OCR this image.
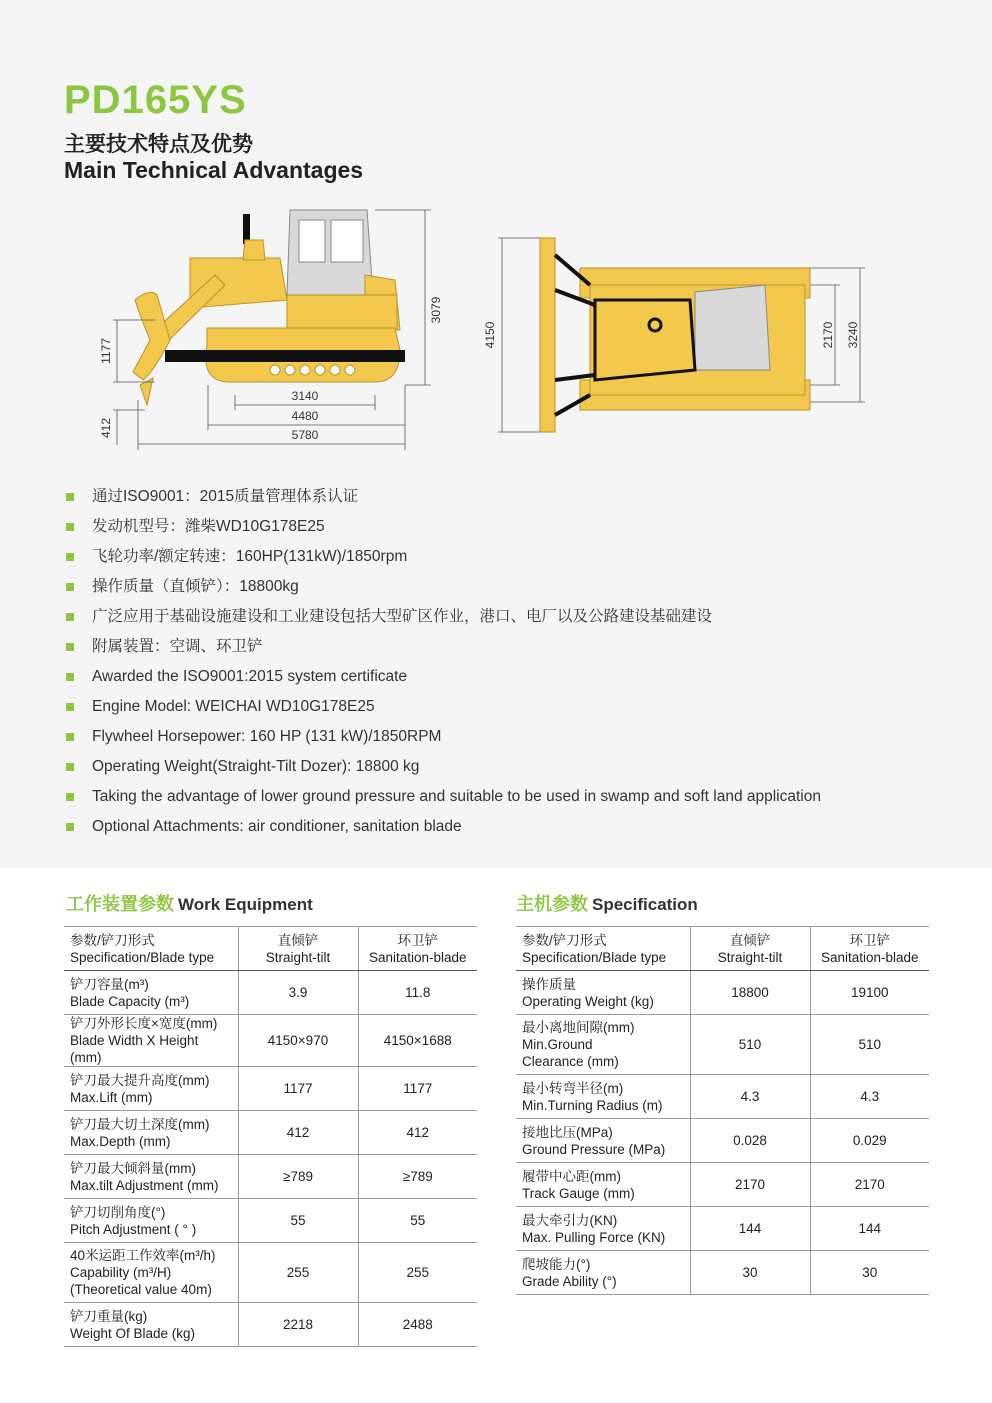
PD165YS
主要技术特点及优势
Main Technical Advantages
3079
1177
412
3140
4480
5780
4150	2170 3240
通过ISO9001：2015质量管理体系认证
发动机型号：潍柴WD10G178E25
飞轮功率/额定转速：160HP(131kW)/1850rpm
操作质量（直倾铲）：18800kg
广泛应用于基础设施建设和工业建设包括大型矿区作业，港口、电厂以及公路建设基础建设
附属装置：空调、环卫铲
Awarded the ISO9001:2015 system certificate
Engine Model: WEICHAI WD10G178E25
Flywheel Horsepower: 160 HP (131 kW)/1850RPM
Operating Weight(Straight-Tilt Dozer): 18800 kg
Taking the advantage of lower ground pressure and suitable to be used in swamp and soft land application
Optional Attachments: air conditioner, sanitation blade
工作装置参数 Work Equipment	主机参数 Specification
参数/铲刀形式
Specification/Blade type	直倾铲
Straight-tilt	环卫铲
Sanitation-blade

铲刀容量(m³)
Blade Capacity (m³)	3.9	11.8

铲刀外形长度×宽度(mm)
Blade Width X Height (mm)	4150×970	4150×1688

铲刀最大提升高度(mm)
Max.Lift (mm)	1177	1177

铲刀最大切土深度(mm)
Max.Depth (mm)	412	412

铲刀最大倾斜量(mm)
Max.tilt Adjustment (mm)	≥789	≥789

铲刀切削角度(°)
Pitch Adjustment ( ° )	55	55

40米运距工作效率(m³/h)
Capability (m³/H)
(Theoretical value 40m)	255	255

铲刀重量(kg)
Weight Of Blade (kg)	2218	2488
参数/铲刀形式
Specification/Blade type	直倾铲
Straight-tilt	环卫铲
Sanitation-blade

操作质量
Operating Weight (kg)	18800	19100

最小离地间隙(mm)
Min.Ground
Clearance (mm)	510	510

最小转弯半径(m)
Min.Turning Radius (m)	4.3	4.3

接地比压(MPa)
Ground Pressure (MPa)	0.028	0.029

履带中心距(mm)
Track Gauge (mm)	2170	2170

最大牵引力(KN)
Max. Pulling Force (KN)	144	144

爬坡能力(°)
Grade Ability (°)	30	30
